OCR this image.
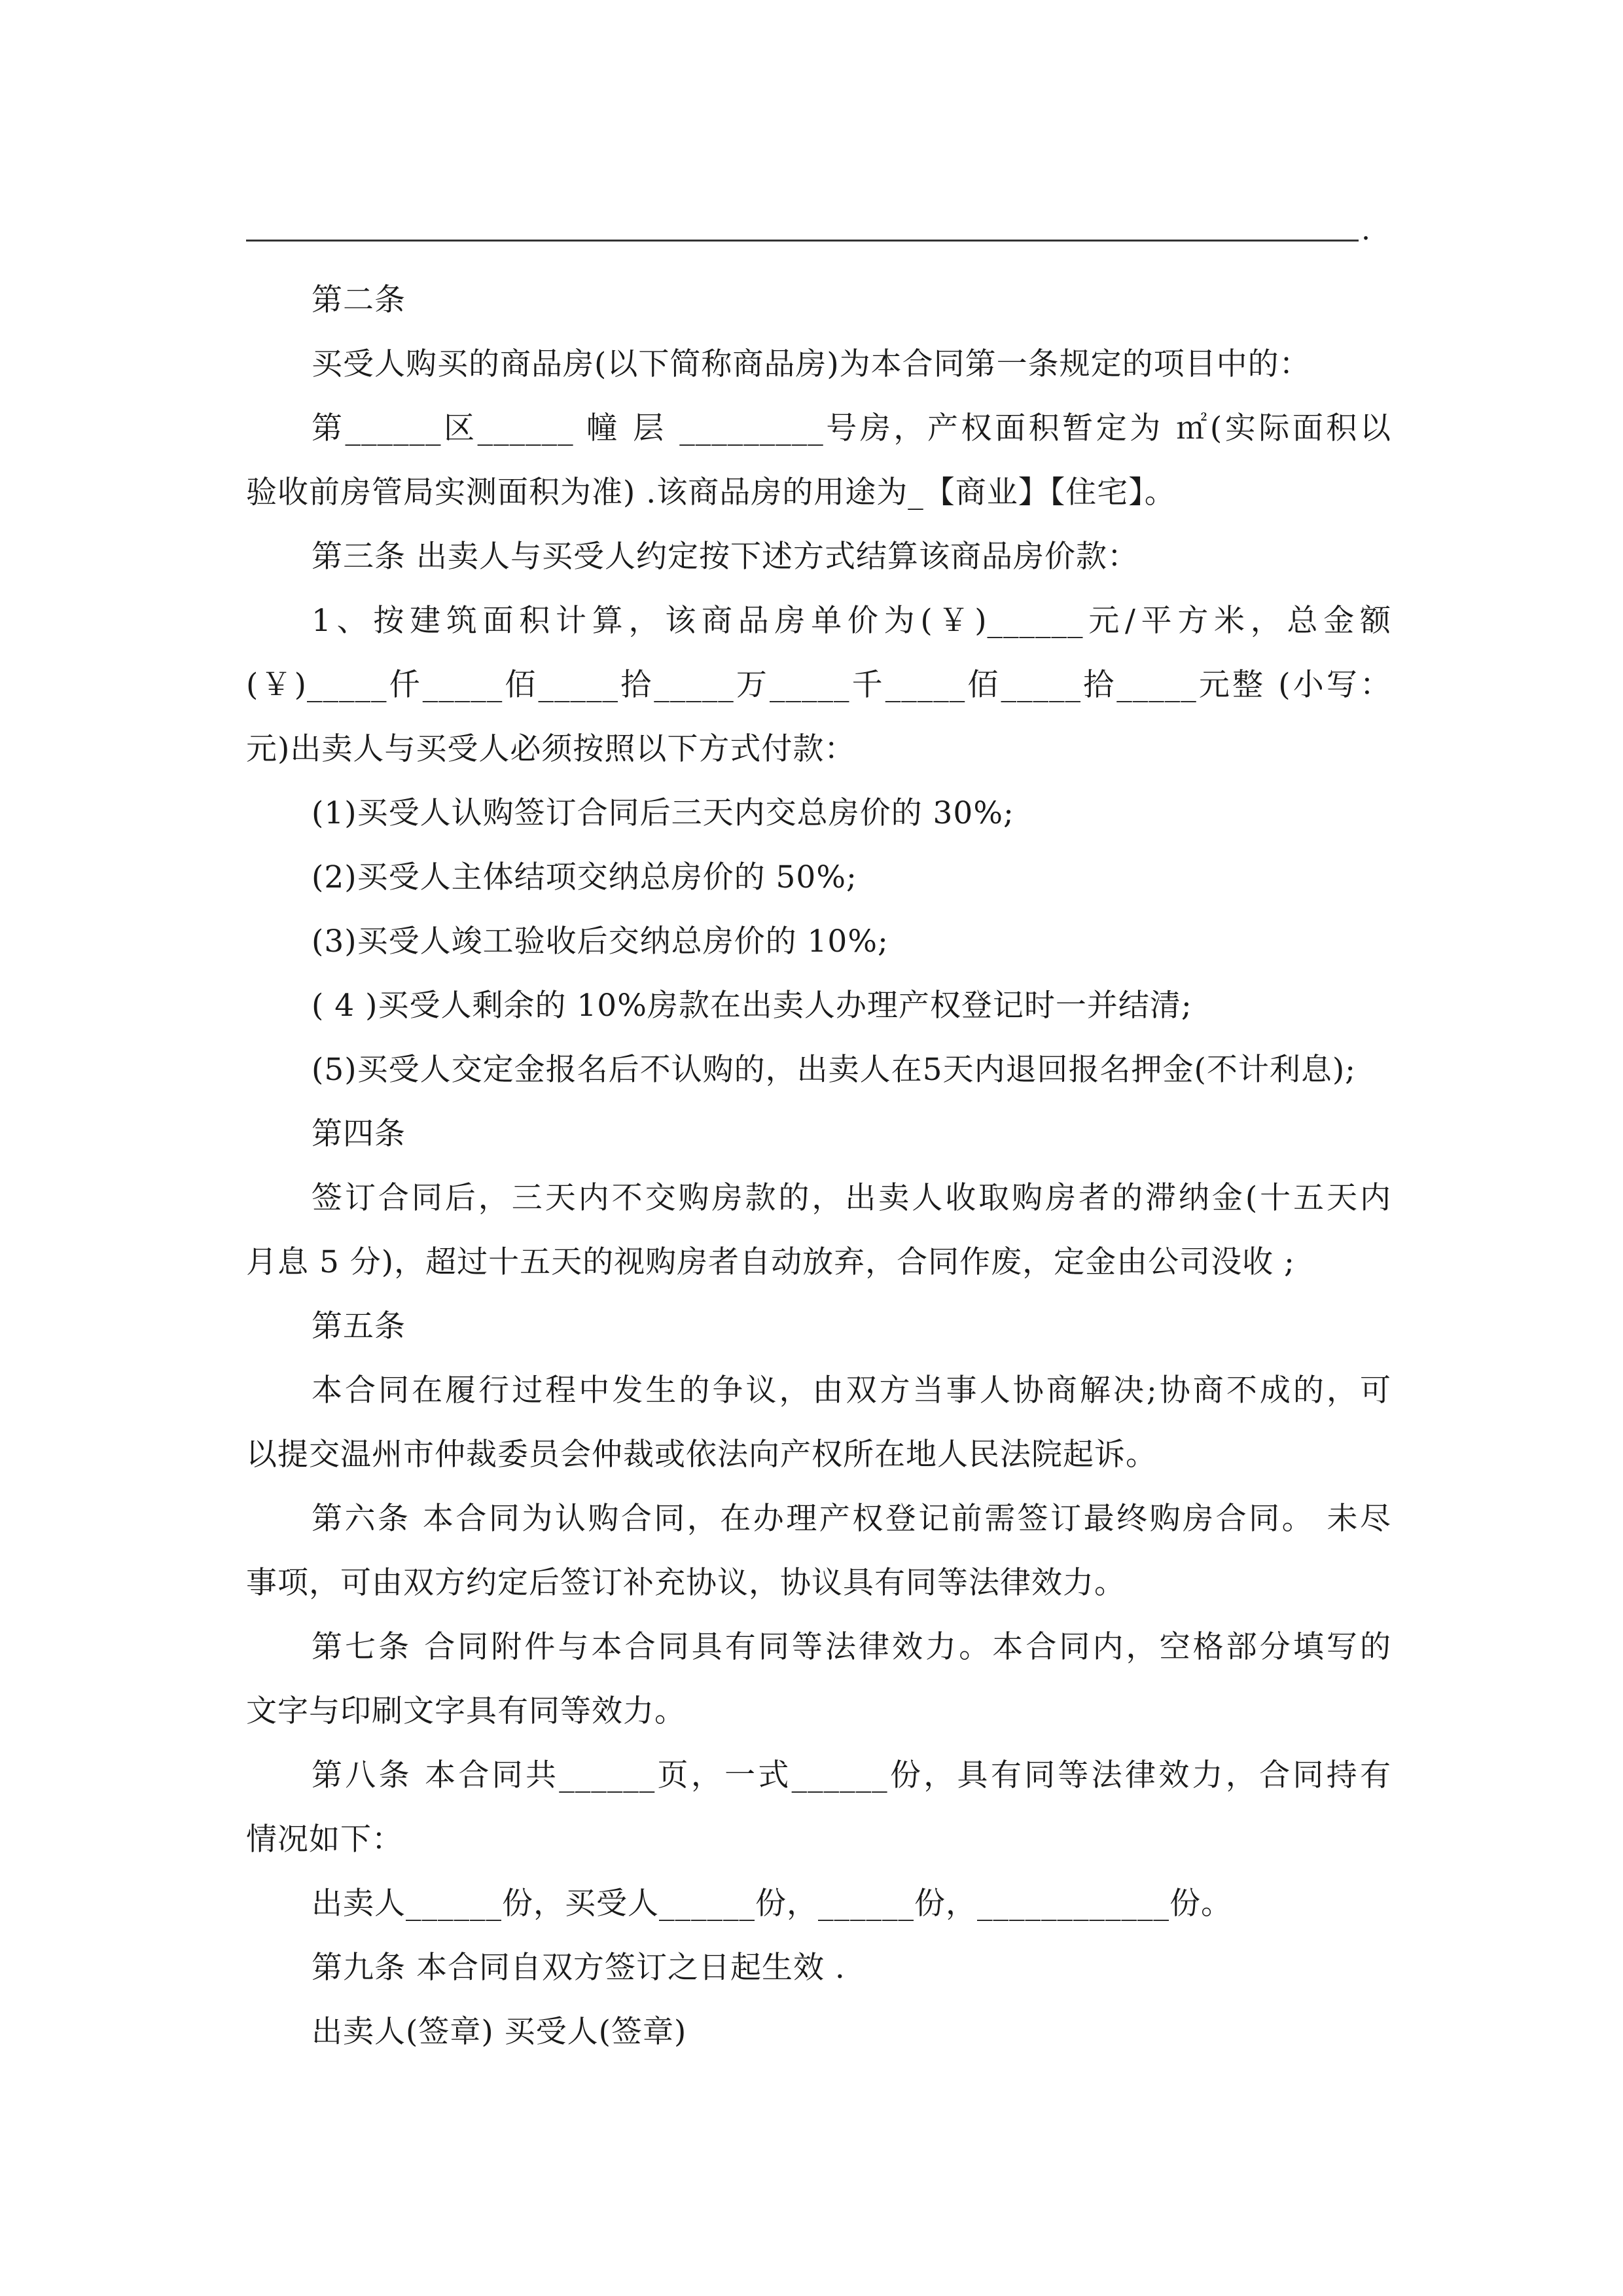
.
第二条
买受人购买的商品房(以下简称商品房)为本合同第一条规定的项目中的：
第______区______ 幢 层 _________号房，产权面积暂定为 ㎡(实际面积以
验收前房管局实测面积为准) .该商品房的用途为_【商业】【住宅】。
第三条 出卖人与买受人约定按下述方式结算该商品房价款：
1、按建筑面积计算，该商品房单价为(￥)______元/平方米，总金额
(￥)_____仟_____佰_____拾_____万_____千_____佰_____拾_____元整 (小写：
元)出卖人与买受人必须按照以下方式付款：
(1)买受人认购签订合同后三天内交总房价的 30%;
(2)买受人主体结项交纳总房价的 50%;
(3)买受人竣工验收后交纳总房价的 10%;
( 4 )买受人剩余的 10%房款在出卖人办理产权登记时一并结清;
(5)买受人交定金报名后不认购的，出卖人在5天内退回报名押金(不计利息);
第四条
签订合同后，三天内不交购房款的，出卖人收取购房者的滞纳金(十五天内
月息 5 分)，超过十五天的视购房者自动放弃，合同作废，定金由公司没收 ;
第五条
本合同在履行过程中发生的争议，由双方当事人协商解决;协商不成的，可
以提交温州市仲裁委员会仲裁或依法向产权所在地人民法院起诉。
第六条 本合同为认购合同，在办理产权登记前需签订最终购房合同。 未尽
事项，可由双方约定后签订补充协议，协议具有同等法律效力。
第七条 合同附件与本合同具有同等法律效力。本合同内，空格部分填写的
文字与印刷文字具有同等效力。
第八条 本合同共______页，一式______份，具有同等法律效力，合同持有
情况如下：
出卖人______份，买受人______份，______份，____________份。
第九条 本合同自双方签订之日起生效 .
出卖人(签章) 买受人(签章)
